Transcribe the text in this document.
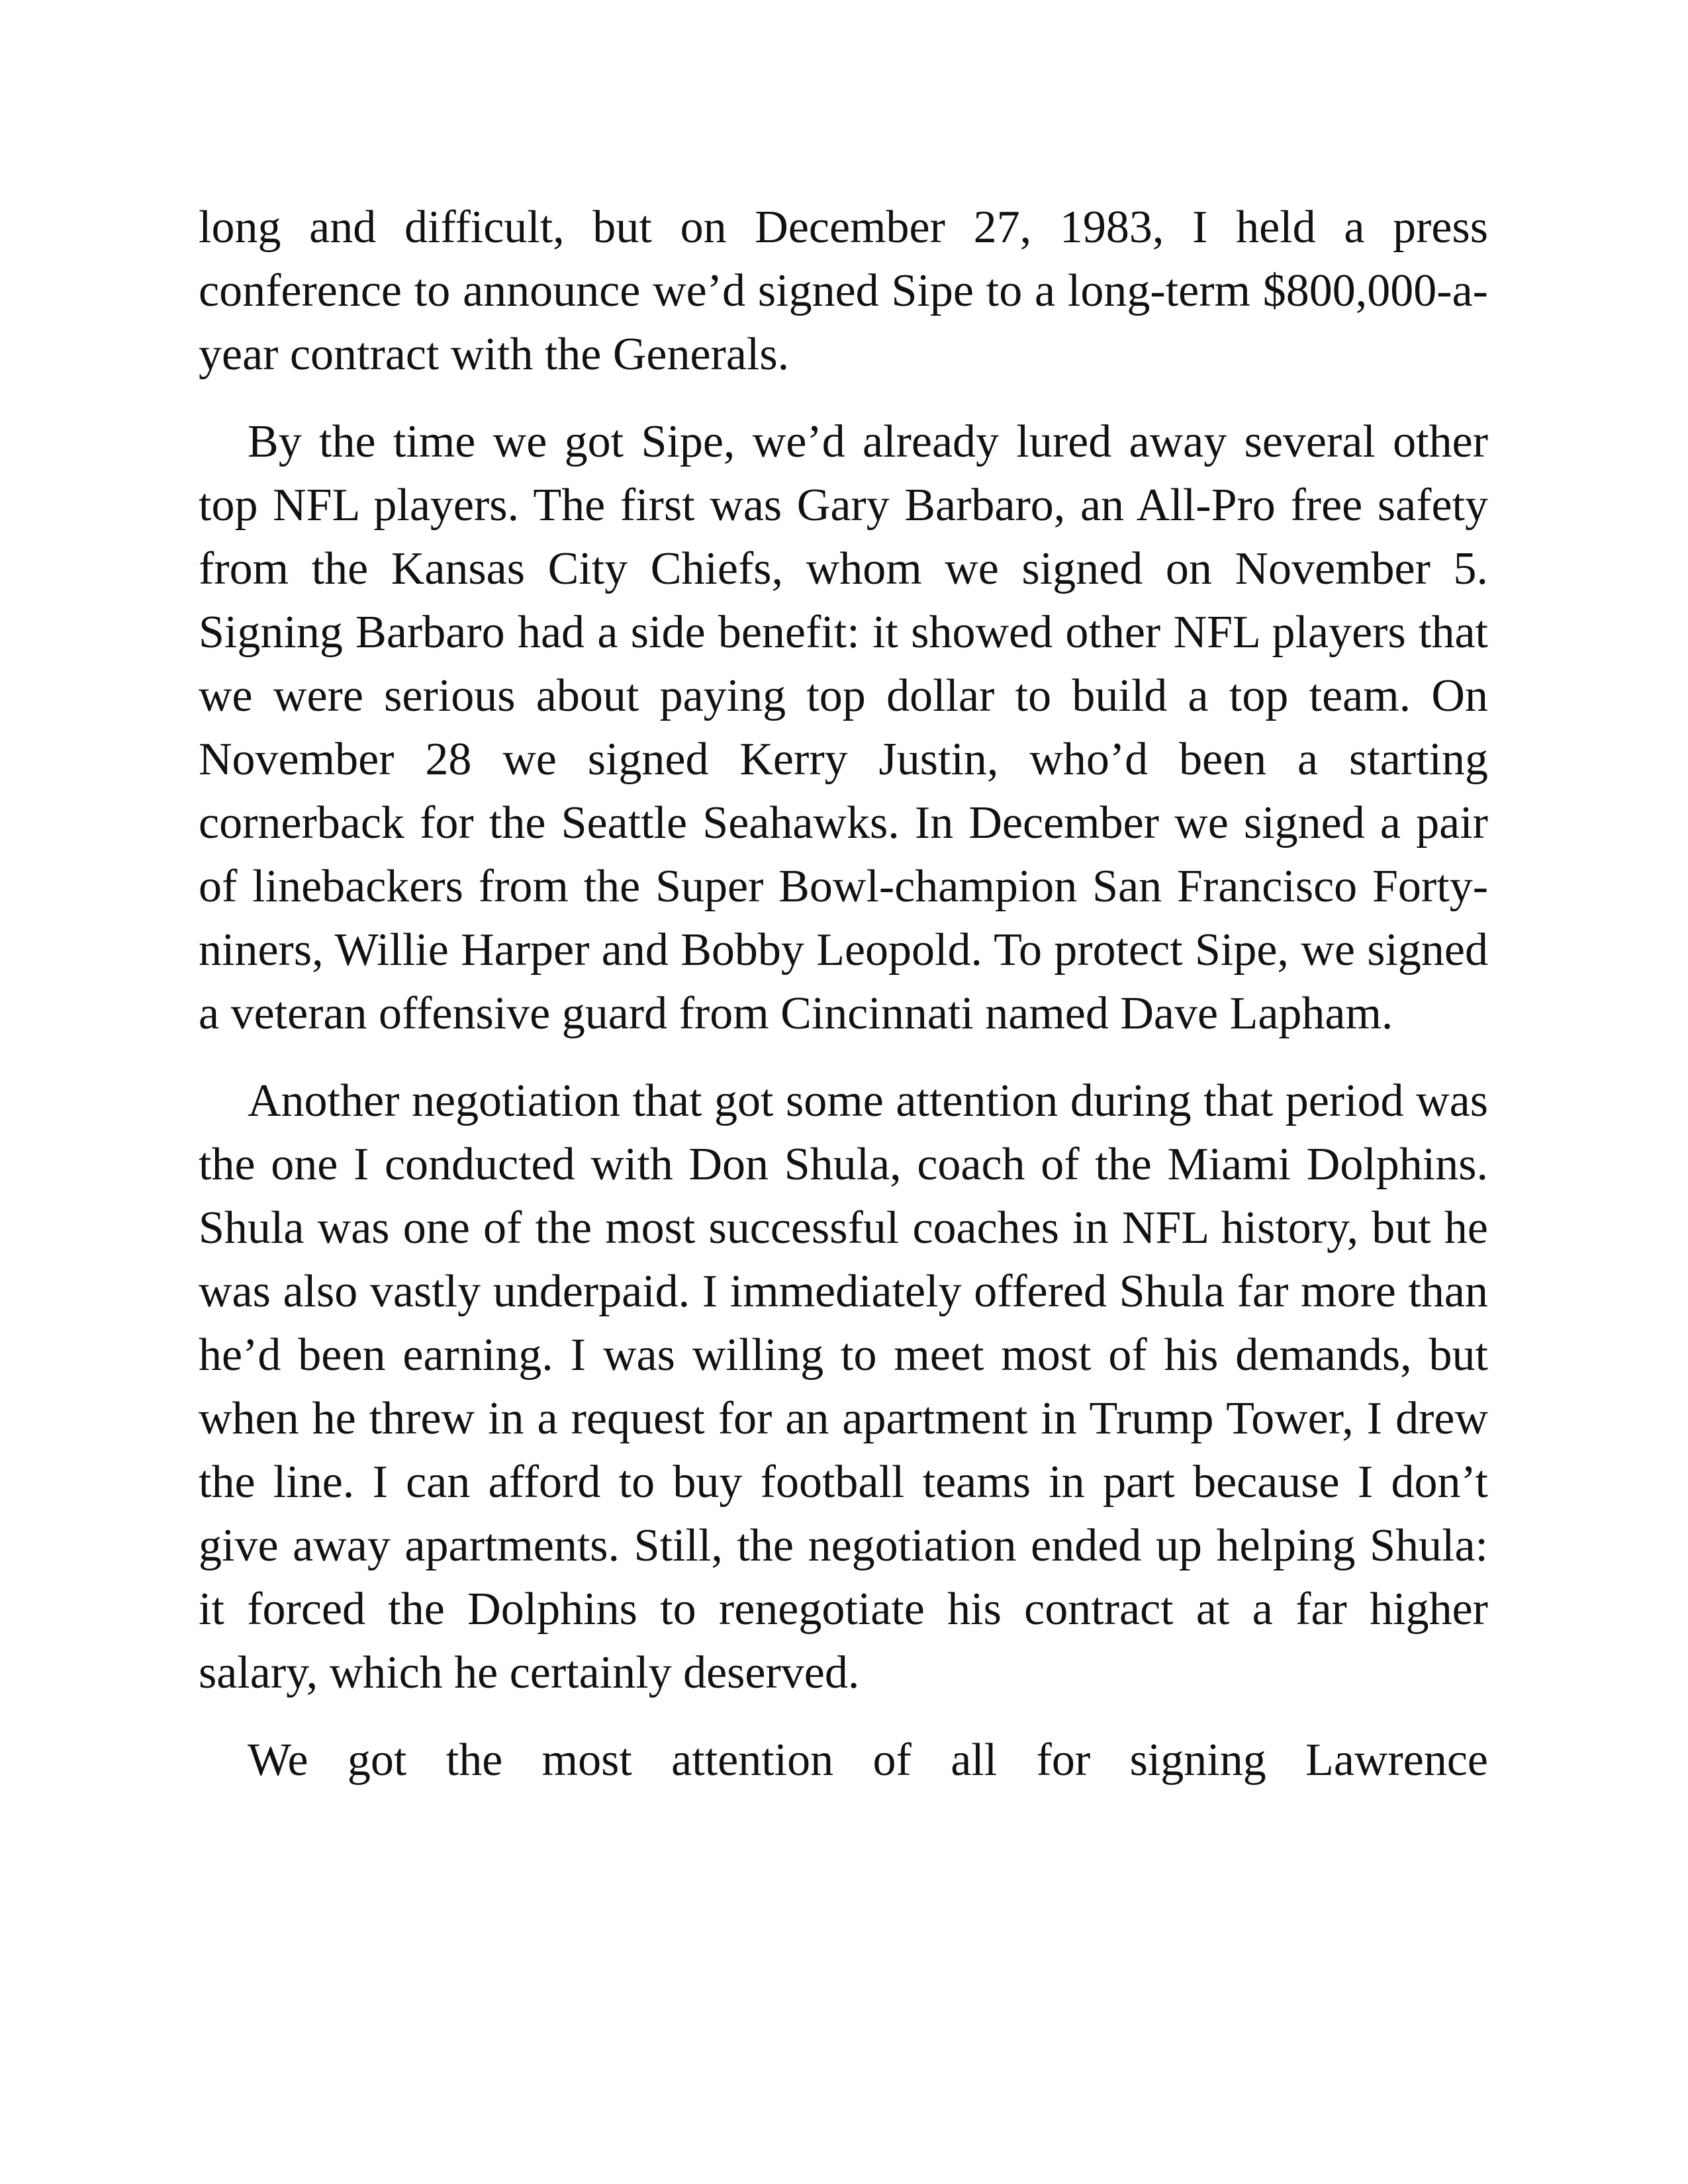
long and difficult, but on December 27, 1983, I held a press conference to announce we’d signed Sipe to a long-term $800,000-a-year contract with the Generals.

By the time we got Sipe, we’d already lured away several other top NFL players. The first was Gary Barbaro, an All-Pro free safety from the Kansas City Chiefs, whom we signed on November 5. Signing Barbaro had a side benefit: it showed other NFL players that we were serious about paying top dollar to build a top team. On November 28 we signed Kerry Justin, who’d been a starting cornerback for the Seattle Seahawks. In December we signed a pair of linebackers from the Super Bowl-champion San Francisco Forty-niners, Willie Harper and Bobby Leopold. To protect Sipe, we signed a veteran offensive guard from Cincinnati named Dave Lapham.

Another negotiation that got some attention during that period was the one I conducted with Don Shula, coach of the Miami Dolphins. Shula was one of the most successful coaches in NFL history, but he was also vastly underpaid. I immediately offered Shula far more than he’d been earning. I was willing to meet most of his demands, but when he threw in a request for an apartment in Trump Tower, I drew the line. I can afford to buy football teams in part because I don’t give away apartments. Still, the negotiation ended up helping Shula: it forced the Dolphins to renegotiate his contract at a far higher salary, which he certainly deserved.

We got the most attention of all for signing Lawrence
